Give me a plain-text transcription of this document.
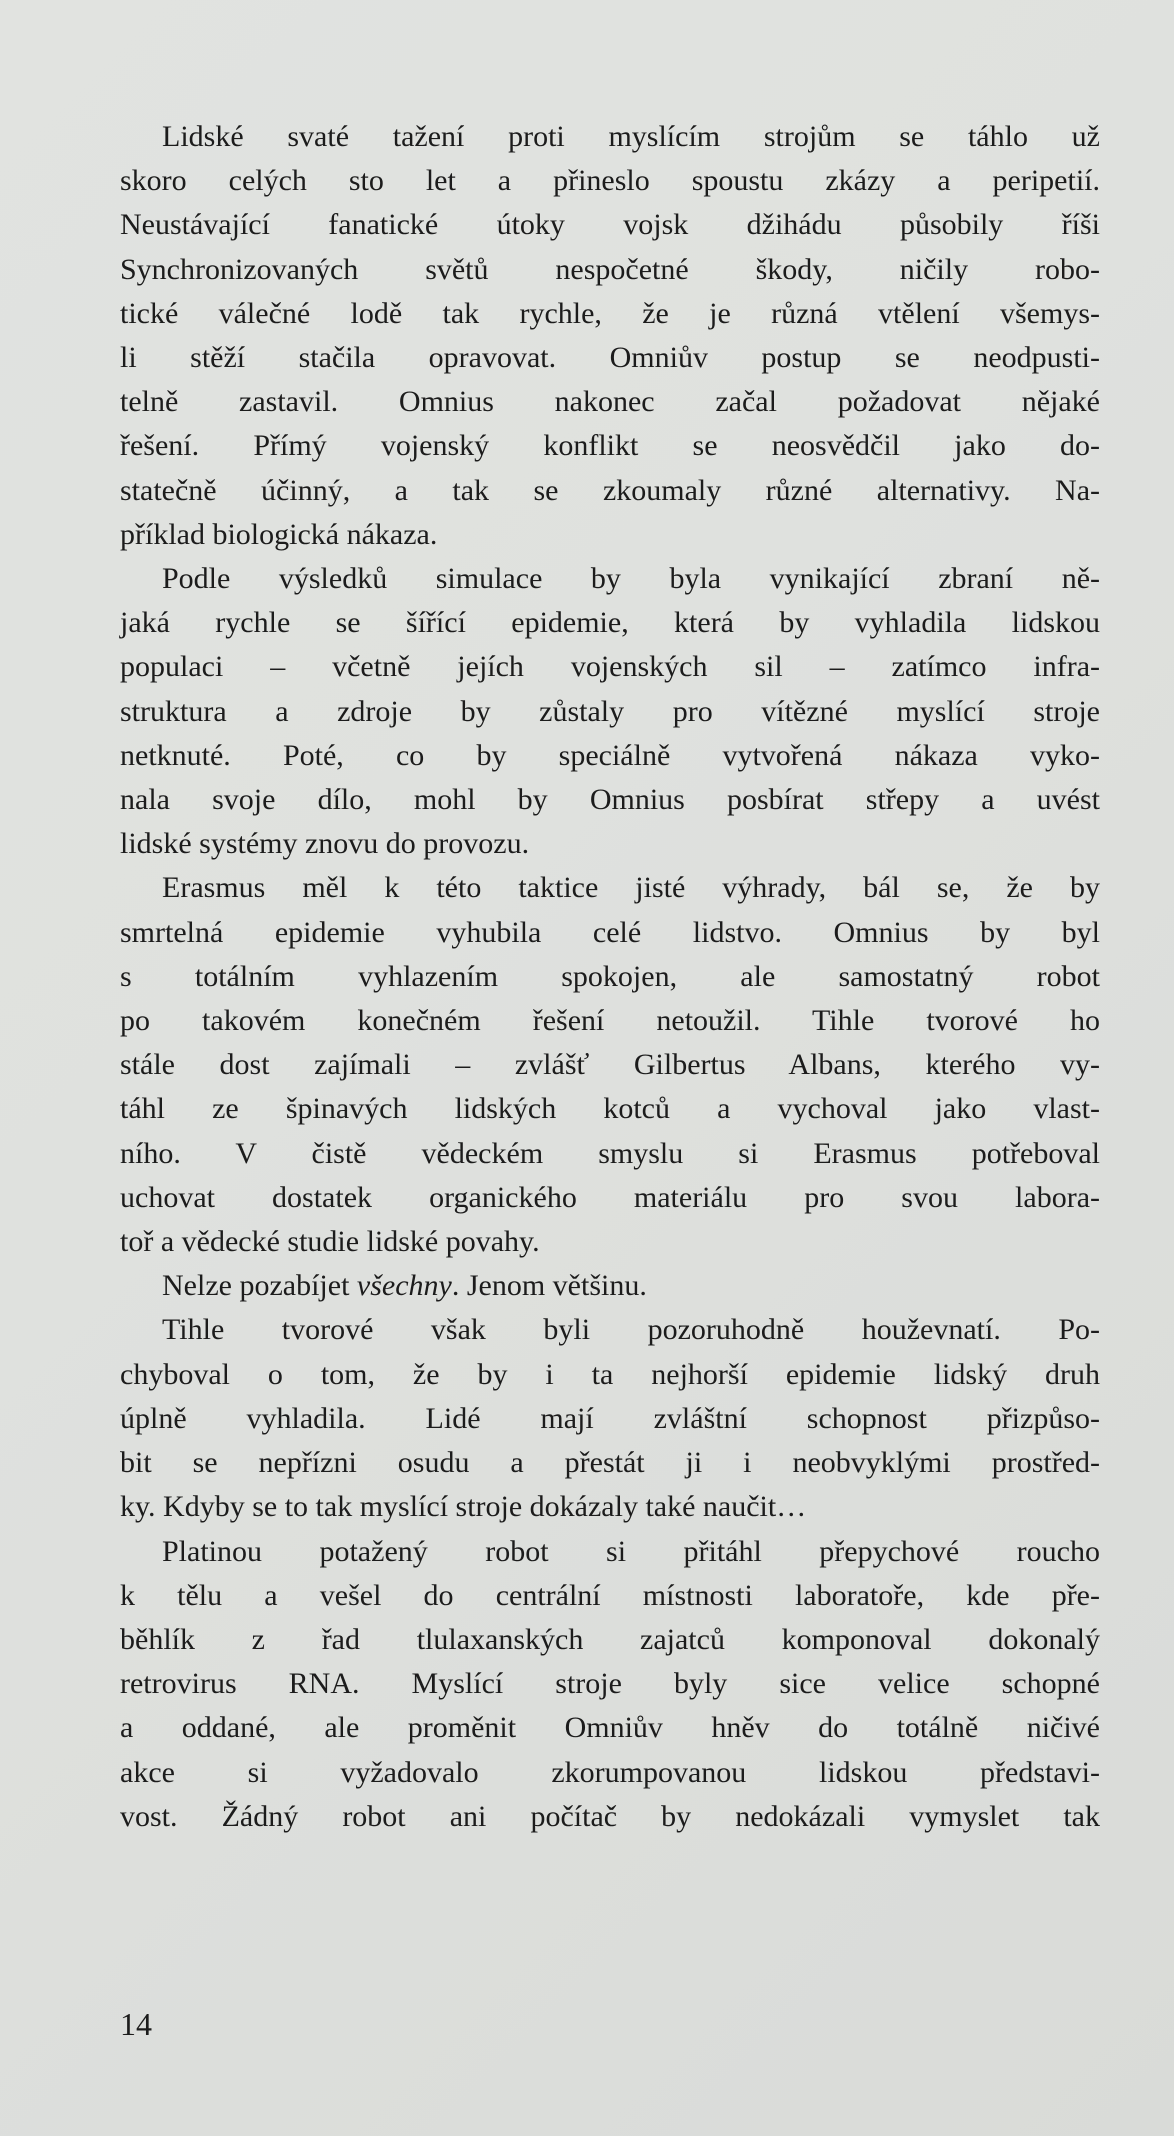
Lidské svaté tažení proti myslícím strojům se táhlo už
skoro celých sto let a přineslo spoustu zkázy a peripetií.
Neustávající fanatické útoky vojsk džihádu působily říši
Synchronizovaných světů nespočetné škody, ničily robo-
tické válečné lodě tak rychle, že je různá vtělení všemys-
li stěží stačila opravovat. Omniův postup se neodpusti-
telně zastavil. Omnius nakonec začal požadovat nějaké
řešení. Přímý vojenský konflikt se neosvědčil jako do-
statečně účinný, a tak se zkoumaly různé alternativy. Na-
příklad biologická nákaza.
Podle výsledků simulace by byla vynikající zbraní ně-
jaká rychle se šířící epidemie, která by vyhladila lidskou
populaci – včetně jejích vojenských sil – zatímco infra-
struktura a zdroje by zůstaly pro vítězné myslící stroje
netknuté. Poté, co by speciálně vytvořená nákaza vyko-
nala svoje dílo, mohl by Omnius posbírat střepy a uvést
lidské systémy znovu do provozu.
Erasmus měl k této taktice jisté výhrady, bál se, že by
smrtelná epidemie vyhubila celé lidstvo. Omnius by byl
s totálním vyhlazením spokojen, ale samostatný robot
po takovém konečném řešení netoužil. Tihle tvorové ho
stále dost zajímali – zvlášť Gilbertus Albans, kterého vy-
táhl ze špinavých lidských kotců a vychoval jako vlast-
ního. V čistě vědeckém smyslu si Erasmus potřeboval
uchovat dostatek organického materiálu pro svou labora-
toř a vědecké studie lidské povahy.
Nelze pozabíjet všechny. Jenom většinu.
Tihle tvorové však byli pozoruhodně houževnatí. Po-
chyboval o tom, že by i ta nejhorší epidemie lidský druh
úplně vyhladila. Lidé mají zvláštní schopnost přizpůso-
bit se nepřízni osudu a přestát ji i neobvyklými prostřed-
ky. Kdyby se to tak myslící stroje dokázaly také naučit…
Platinou potažený robot si přitáhl přepychové roucho
k tělu a vešel do centrální místnosti laboratoře, kde pře-
běhlík z řad tlulaxanských zajatců komponoval dokonalý
retrovirus RNA. Myslící stroje byly sice velice schopné
a oddané, ale proměnit Omniův hněv do totálně ničivé
akce si vyžadovalo zkorumpovanou lidskou představi-
vost. Žádný robot ani počítač by nedokázali vymyslet tak
14
